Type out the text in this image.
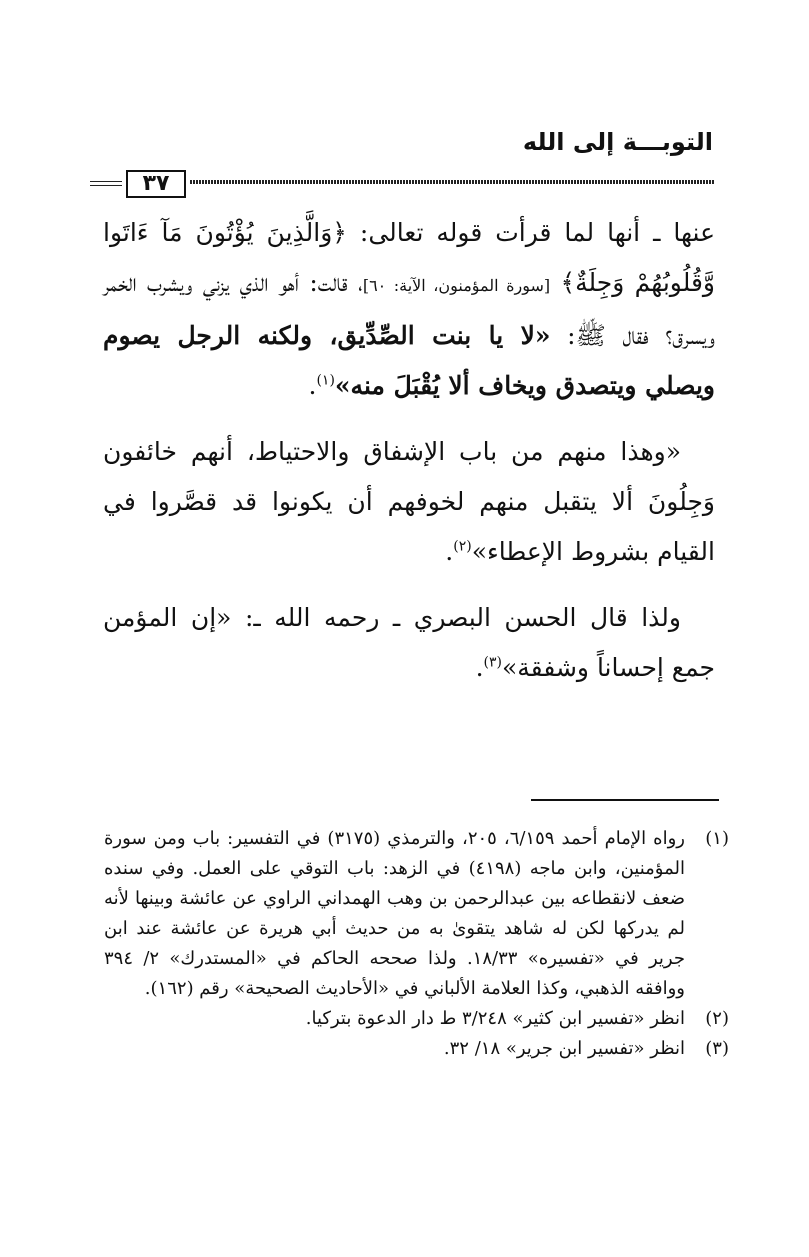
التوبـــة إلى الله
٣٧

عنها ـ أنها لما قرأت قوله تعالى: ﴿وَالَّذِينَ يُؤْتُونَ مَآ ءَاتَوا وَّقُلُوبُهُمْ وَجِلَةٌ﴾ [سورة المؤمنون، الآية: ٦٠]، قالت: أهو الذي يزني ويشرب الخمر ويسرق؟ فقال ﷺ: «لا يا بنت الصِّدِّيق، ولكنه الرجل يصوم ويصلي ويتصدق ويخاف ألا يُقْبَلَ منه»$^{(١)}$.

«وهذا منهم من باب الإشفاق والاحتياط، أنهم خائفون وَجِلُونَ ألا يتقبل منهم لخوفهم أن يكونوا قد قصَّروا في القيام بشروط الإعطاء»$^{(٢)}$.

ولذا قال الحسن البصري ـ رحمه الله ـ: «إن المؤمن جمع إحساناً وشفقة»$^{(٣)}$.

(١)
رواه الإمام أحمد ٦/١٥٩، ٢٠٥، والترمذي (٣١٧٥) في التفسير: باب ومن سورة المؤمنين، وابن ماجه (٤١٩٨) في الزهد: باب التوقي على العمل. وفي سنده ضعف لانقطاعه بين عبدالرحمن بن وهب الهمداني الراوي عن عائشة وبينها لأنه لم يدركها لكن له شاهد يتقوىٰ به من حديث أبي هريرة عن عائشة عند ابن جرير في «تفسيره» ١٨/٣٣. ولذا صححه الحاكم في «المستدرك» ٢/ ٣٩٤ ووافقه الذهبي، وكذا العلامة الألباني في «الأحاديث الصحيحة» رقم (١٦٢).
(٢)
انظر «تفسير ابن كثير» ٣/٢٤٨ ط دار الدعوة بتركيا.
(٣)
انظر «تفسير ابن جرير» ١٨/ ٣٢.
